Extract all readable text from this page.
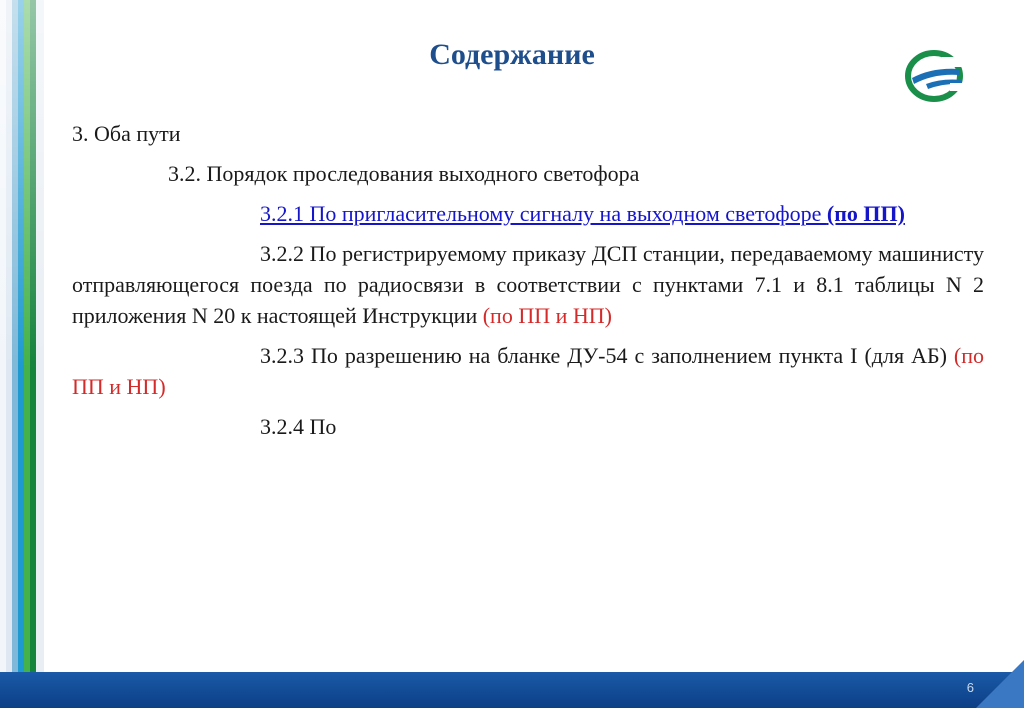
Содержание

3. Оба пути

3.2. Порядок проследования выходного светофора

3.2.1 По пригласительному сигналу на выходном светофоре (по ПП)

3.2.2 По регистрируемому приказу ДСП станции, передаваемому машинисту отправляющегося поезда по радиосвязи в соответствии с пунктами 7.1 и 8.1 таблицы N 2 приложения N 20 к настоящей Инструкции (по ПП и НП)

3.2.3 По разрешению на бланке ДУ-54 с заполнением пункта I (для АБ) (по ПП и НП)

3.2.4 По

6
